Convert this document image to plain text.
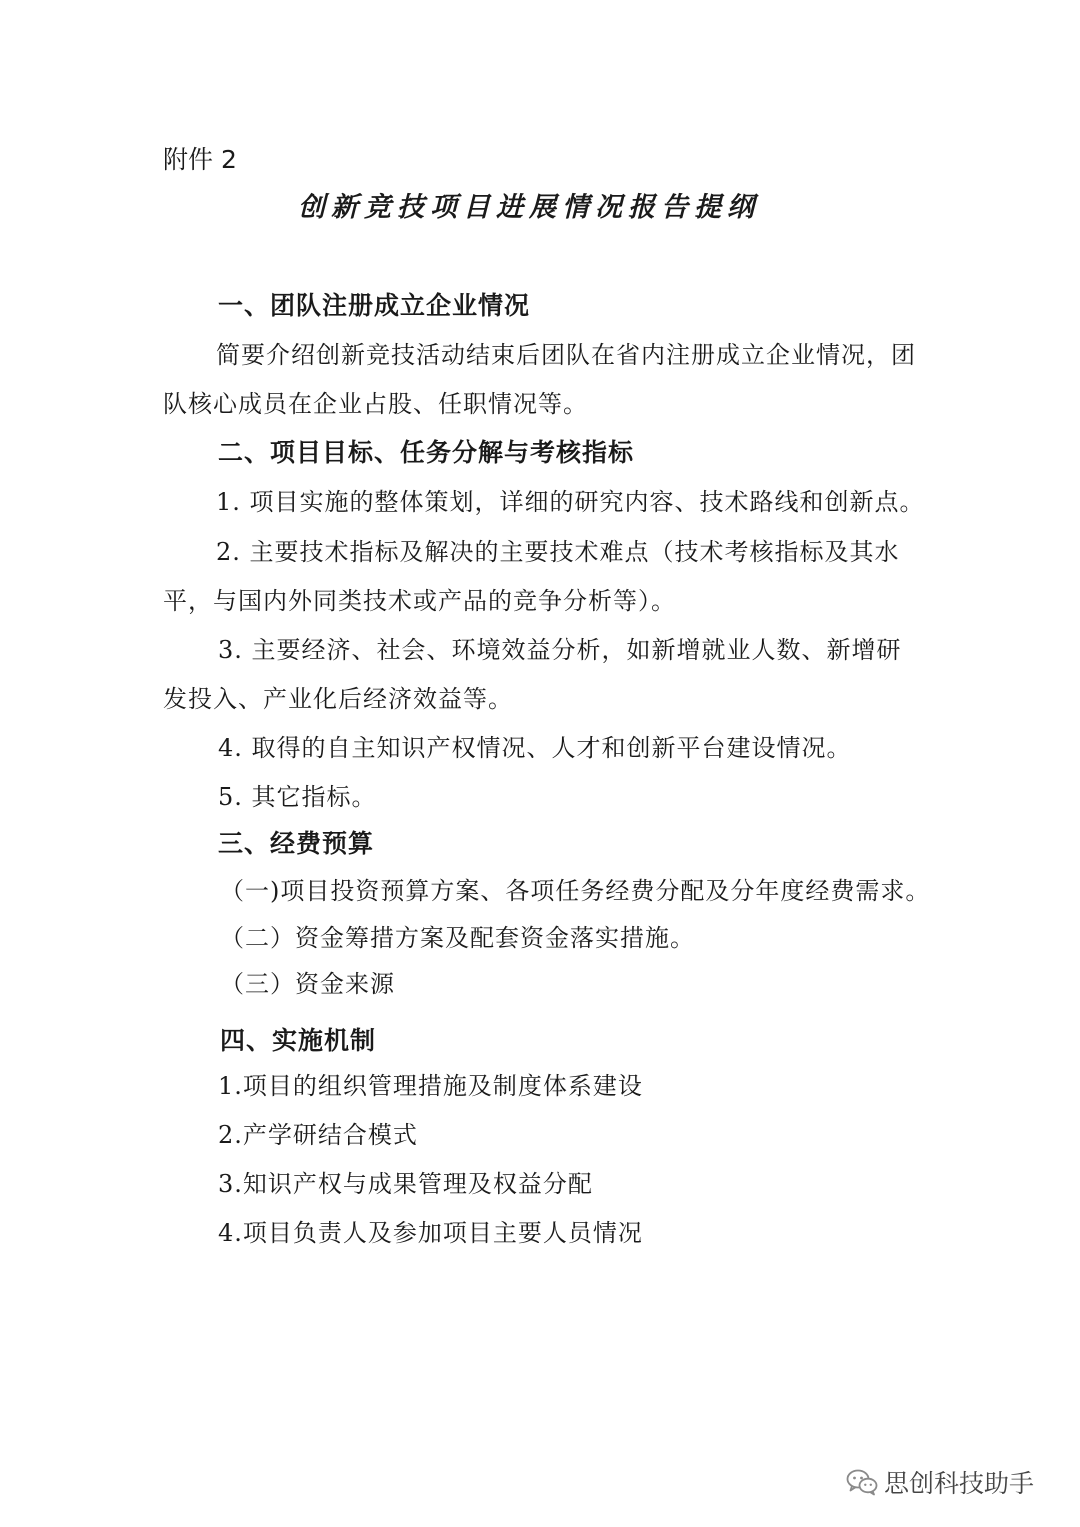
附件 2
创新竞技项目进展情况报告提纲
一、团队注册成立企业情况
简要介绍创新竞技活动结束后团队在省内注册成立企业情况，团
队核心成员在企业占股、任职情况等。
二、项目目标、任务分解与考核指标
1. 项目实施的整体策划，详细的研究内容、技术路线和创新点。
2. 主要技术指标及解决的主要技术难点（技术考核指标及其水
平，与国内外同类技术或产品的竞争分析等）。
3. 主要经济、社会、环境效益分析，如新增就业人数、新增研
发投入、产业化后经济效益等。
4. 取得的自主知识产权情况、人才和创新平台建设情况。
5. 其它指标。
三、经费预算
（一)项目投资预算方案、各项任务经费分配及分年度经费需求。
（二）资金筹措方案及配套资金落实措施。
（三）资金来源
四、实施机制
1.项目的组织管理措施及制度体系建设
2.产学研结合模式
3.知识产权与成果管理及权益分配
4.项目负责人及参加项目主要人员情况
思创科技助手
